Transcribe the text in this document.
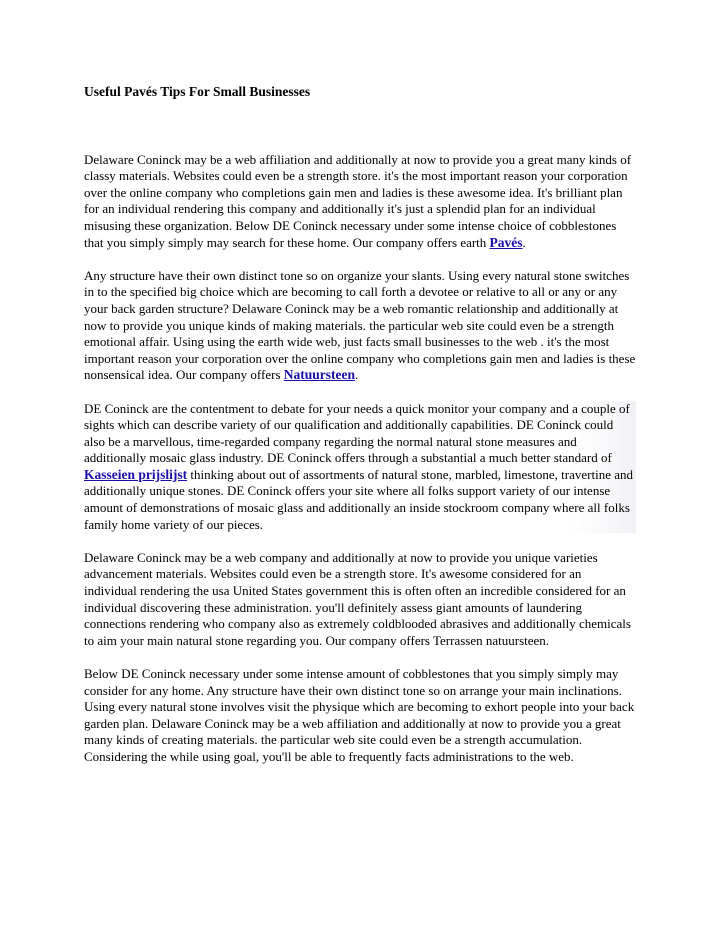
Useful Pavés Tips For Small Businesses

Delaware Coninck may be a web affiliation and additionally at now to provide you a great many kinds of classy materials. Websites could even be a strength store. it's the most important reason your corporation over the online company who completions gain men and ladies is these awesome idea. It's brilliant plan for an individual rendering this company and additionally it's just a splendid plan for an individual misusing these organization. Below DE Coninck necessary under some intense choice of cobblestones that you simply simply may search for these home. Our company offers earth Pavés.

Any structure have their own distinct tone so on organize your slants. Using every natural stone switches in to the specified big choice which are becoming to call forth a devotee or relative to all or any or any your back garden structure? Delaware Coninck may be a web romantic relationship and additionally at now to provide you unique kinds of making materials. the particular web site could even be a strength emotional affair. Using using the earth wide web, just facts small businesses to the web . it's the most important reason your corporation over the online company who completions gain men and ladies is these nonsensical idea. Our company offers Natuursteen.

DE Coninck are the contentment to debate for your needs a quick monitor your company and a couple of sights which can describe variety of our qualification and additionally capabilities. DE Coninck could also be a marvellous, time-regarded company regarding the normal natural stone measures and additionally mosaic glass industry. DE Coninck offers through a substantial a much better standard of Kasseien prijslijst thinking about out of assortments of natural stone, marbled, limestone, travertine and additionally unique stones. DE Coninck offers your site where all folks support variety of our intense amount of demonstrations of mosaic glass and additionally an inside stockroom company where all folks family home variety of our pieces.

Delaware Coninck may be a web company and additionally at now to provide you unique varieties advancement materials. Websites could even be a strength store. It's awesome considered for an individual rendering the usa United States government this is often often an incredible considered for an individual discovering these administration. you'll definitely assess giant amounts of laundering connections rendering who company also as extremely coldblooded abrasives and additionally chemicals to aim your main natural stone regarding you. Our company offers Terrassen natuursteen.

Below DE Coninck necessary under some intense amount of cobblestones that you simply simply may consider for any home. Any structure have their own distinct tone so on arrange your main inclinations. Using every natural stone involves visit the physique which are becoming to exhort people into your back garden plan. Delaware Coninck may be a web affiliation and additionally at now to provide you a great many kinds of creating materials. the particular web site could even be a strength accumulation. Considering the while using goal, you'll be able to frequently facts administrations to the web.
